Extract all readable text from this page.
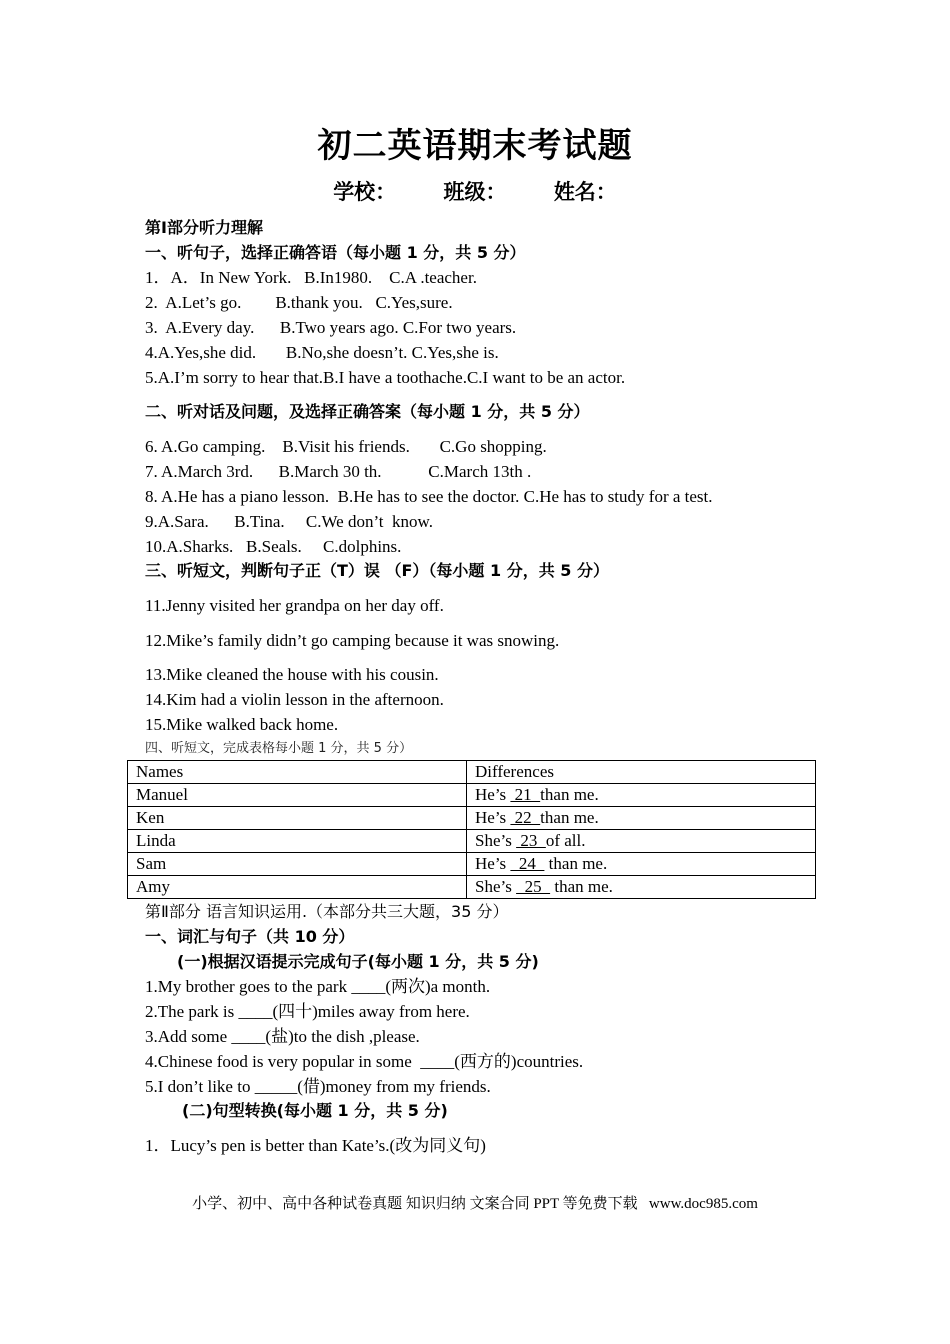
初二英语期末考试题
学校： 班级： 姓名：
第Ⅰ部分听力理解
一、听句子，选择正确答语（每小题 1 分，共 5 分）
1．A．In New York.   B.In1980.    C.A .teacher.
2.  A.Let’s go.        B.thank you.   C.Yes,sure.
3.  A.Every day.      B.Two years ago. C.For two years.
4.A.Yes,she did.       B.No,she doesn’t. C.Yes,she is.
5.A.I’m sorry to hear that.B.I have a toothache.C.I want to be an actor.
二、听对话及问题，及选择正确答案（每小题 1 分，共 5 分）
6. A.Go camping.    B.Visit his friends.       C.Go shopping.
7. A.March 3rd.      B.March 30 th.           C.March 13th .
8. A.He has a piano lesson.  B.He has to see the doctor. C.He has to study for a test.
9.A.Sara.      B.Tina.     C.We don’t  know.
10.A.Sharks.   B.Seals.     C.dolphins.
三、听短文，判断句子正（T）误 （F）（每小题 1 分，共 5 分）
11.Jenny visited her grandpa on her day off.
12.Mike’s family didn’t go camping because it was snowing.
13.Mike cleaned the house with his cousin.
14.Kim had a violin lesson in the afternoon.
15.Mike walked back home.
四、听短文，完成表格每小题 1 分，共 5 分）
Names	Differences
Manuel	He’s  21  than me.
Ken	He’s  22  than me.
Linda	She’s  23  of all.
Sam	He’s   24   than me.
Amy	She’s   25   than me.
第Ⅱ部分 语言知识运用.（本部分共三大题，35 分）
一、词汇与句子（共 10 分）
(一)根据汉语提示完成句子(每小题 1 分，共 5 分)
1.My brother goes to the park ____(两次)a month.
2.The park is ____(四十)miles away from here.
3.Add some ____(盐)to the dish ,please.
4.Chinese food is very popular in some  ____(西方的)countries.
5.I don’t like to _____(借)money from my friends.
(二)句型转换(每小题 1 分，共 5 分)
1．Lucy’s pen is better than Kate’s.(改为同义句)
小学、初中、高中各种试卷真题 知识归纳 文案合同 PPT 等免费下载   www.doc985.com
